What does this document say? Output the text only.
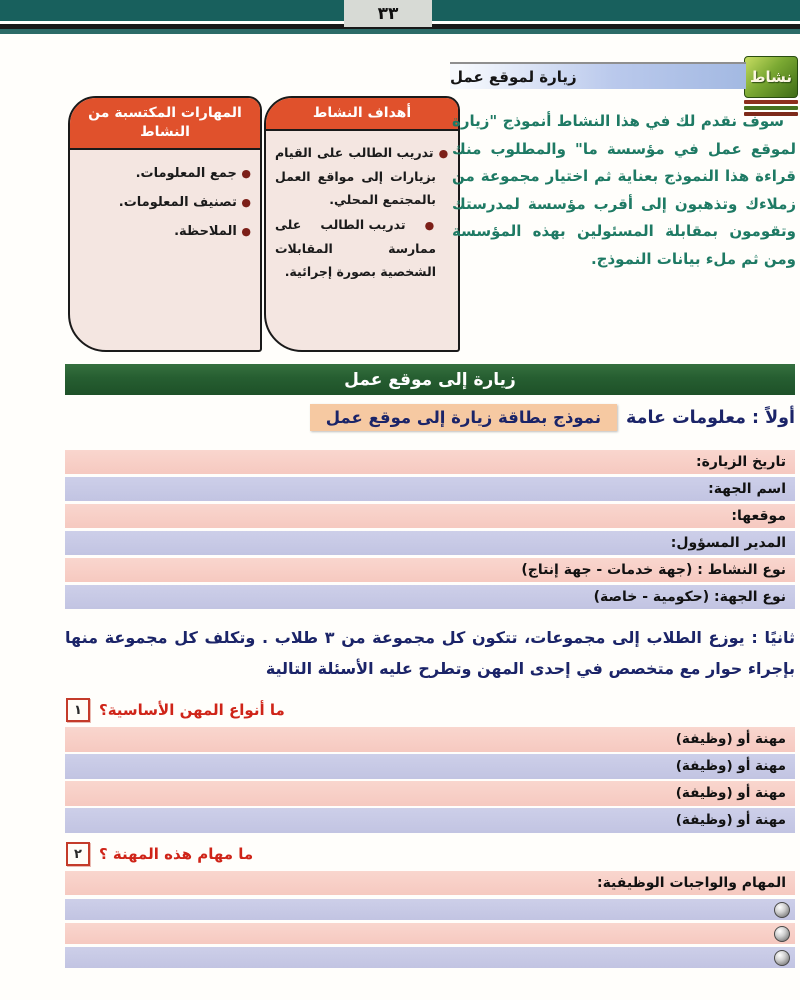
٣٣
نشاط
زيارة لموقع عمل
المهارات المكتسبة من النشاط
● جمع المعلومات.
● تصنيف المعلومات.
● الملاحظة.
أهداف النشاط
● تدريب الطالب على القيام بزيارات إلى مواقع العمل بالمجتمع المحلي.
● تدريب الطالب على ممارسة المقابلات الشخصية بصورة إجرائية.
سوف نقدم لك في هذا النشاط أنموذج "زيارة لموقع عمل في مؤسسة ما" والمطلوب منك قراءة هذا النموذج بعناية ثم اختيار مجموعة من زملاءك وتذهبون إلى أقرب مؤسسة لمدرستك وتقومون بمقابلة المسئولين بهذه المؤسسة ومن ثم ملء بيانات النموذج.
زيارة إلى موقع عمل
أولاً : معلومات عامة
نموذج بطاقة زيارة إلى موقع عمل
تاريخ الزيارة:
اسم الجهة:
موقعها:
المدير المسؤول:
نوع النشاط : (جهة خدمات - جهة إنتاج)
نوع الجهة: (حكومية - خاصة)
ثانيًا : يوزع الطلاب إلى مجموعات، تتكون كل مجموعة من ٣ طلاب . وتكلف كل مجموعة منها بإجراء حوار مع متخصص في إحدى المهن وتطرح عليه الأسئلة التالية
١	ما أنواع المهن الأساسية؟
مهنة أو (وظيفة)
مهنة أو (وظيفة)
مهنة أو (وظيفة)
مهنة أو (وظيفة)
٢	ما مهام هذه المهنة ؟
المهام والواجبات الوظيفية:
